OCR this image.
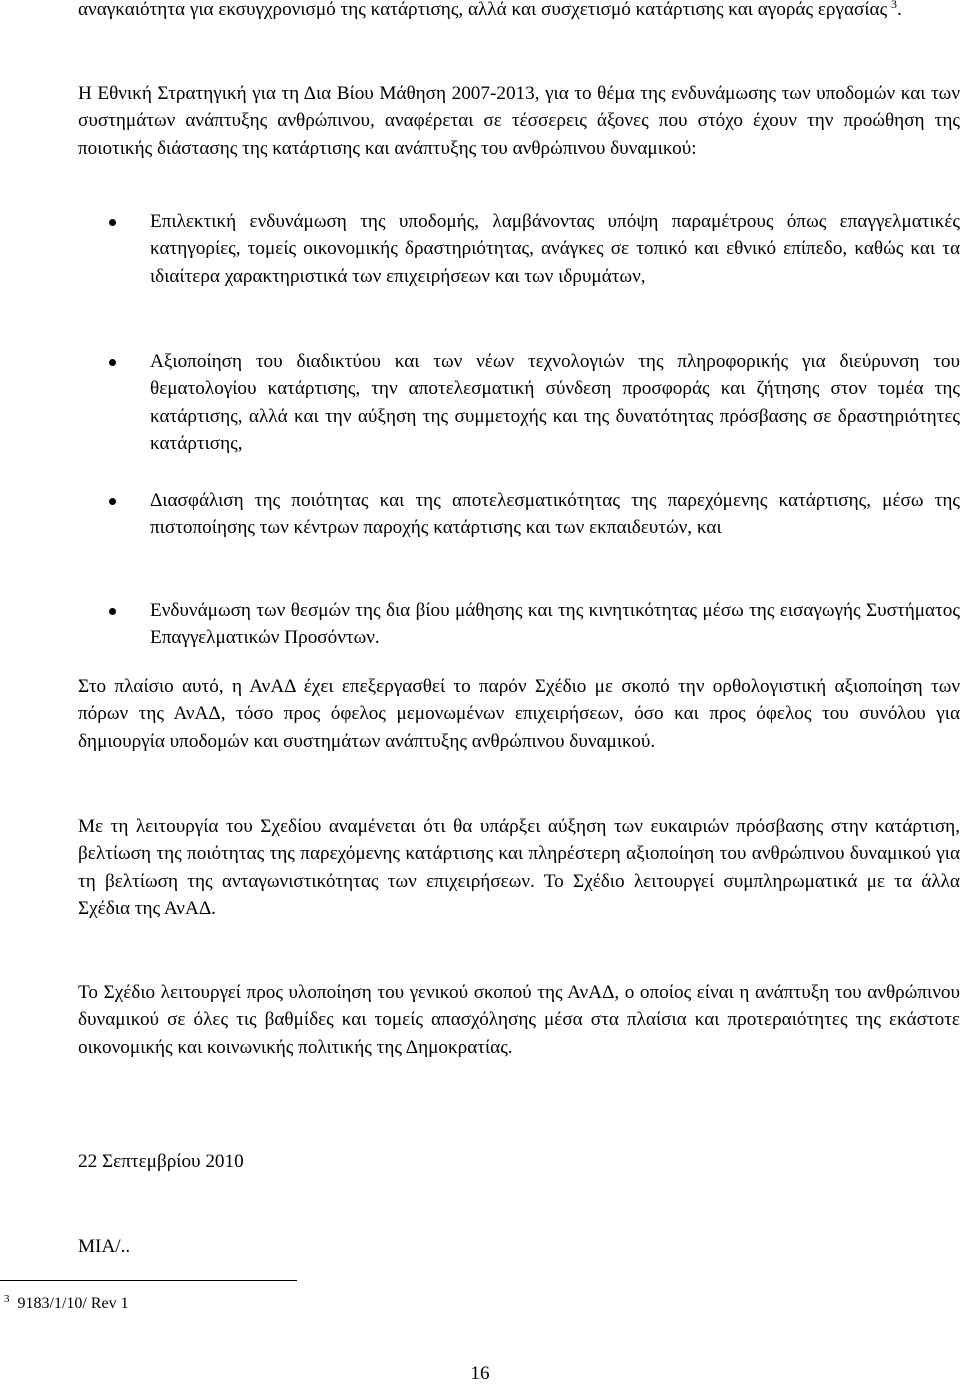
αναγκαιότητα για εκσυγχρονισμό της κατάρτισης, αλλά και συσχετισμό κατάρτισης και αγοράς εργασίας  $^3$.

Η Εθνική Στρατηγική για τη Δια Βίου Μάθηση 2007-2013, για το θέμα της ενδυνάμωσης των υποδομών και των συστημάτων ανάπτυξης ανθρώπινου, αναφέρεται σε τέσσερεις άξονες που στόχο έχουν την προώθηση της ποιοτικής διάστασης της κατάρτισης και ανάπτυξης του ανθρώπινου δυναμικού:

Επιλεκτική ενδυνάμωση της υποδομής, λαμβάνοντας υπόψη παραμέτρους όπως επαγγελματικές κατηγορίες, τομείς οικονομικής δραστηριότητας, ανάγκες σε τοπικό και εθνικό επίπεδο, καθώς και τα ιδιαίτερα χαρακτηριστικά των επιχειρήσεων και των ιδρυμάτων,
Αξιοποίηση του διαδικτύου και των νέων τεχνολογιών της πληροφορικής για διεύρυνση του θεματολογίου κατάρτισης, την αποτελεσματική σύνδεση προσφοράς και ζήτησης στον τομέα της κατάρτισης, αλλά και την αύξηση της συμμετοχής και της δυνατότητας πρόσβασης σε δραστηριότητες κατάρτισης,
Διασφάλιση της ποιότητας και της αποτελεσματικότητας της παρεχόμενης κατάρτισης, μέσω της πιστοποίησης των κέντρων παροχής κατάρτισης και των εκπαιδευτών, και
Ενδυνάμωση των θεσμών της δια βίου μάθησης και της κινητικότητας μέσω της εισαγωγής Συστήματος Επαγγελματικών Προσόντων.

Στο πλαίσιο αυτό, η ΑνΑΔ έχει επεξεργασθεί το παρόν Σχέδιο με σκοπό την ορθολογιστική αξιοποίηση των πόρων της ΑνΑΔ, τόσο προς όφελος μεμονωμένων επιχειρήσεων, όσο και προς όφελος του συνόλου για δημιουργία υποδομών και συστημάτων ανάπτυξης ανθρώπινου δυναμικού.

Με τη λειτουργία του Σχεδίου αναμένεται ότι θα υπάρξει αύξηση των ευκαιριών πρόσβασης στην κατάρτιση, βελτίωση της ποιότητας της παρεχόμενης κατάρτισης και πληρέστερη αξιοποίηση του ανθρώπινου δυναμικού για τη βελτίωση της ανταγωνιστικότητας των επιχειρήσεων. Το Σχέδιο λειτουργεί συμπληρωματικά με τα άλλα Σχέδια της ΑνΑΔ.

Το Σχέδιο λειτουργεί προς υλοποίηση του γενικού σκοπού της ΑνΑΔ, ο οποίος είναι η ανάπτυξη του ανθρώπινου δυναμικού σε όλες τις βαθμίδες και τομείς απασχόλησης μέσα στα πλαίσια και προτεραιότητες της εκάστοτε οικονομικής και κοινωνικής πολιτικής της Δημοκρατίας.

22 Σεπτεμβρίου 2010
ΜΙΑ/..
$^3$ 9183/1/10/ Rev 1
16
